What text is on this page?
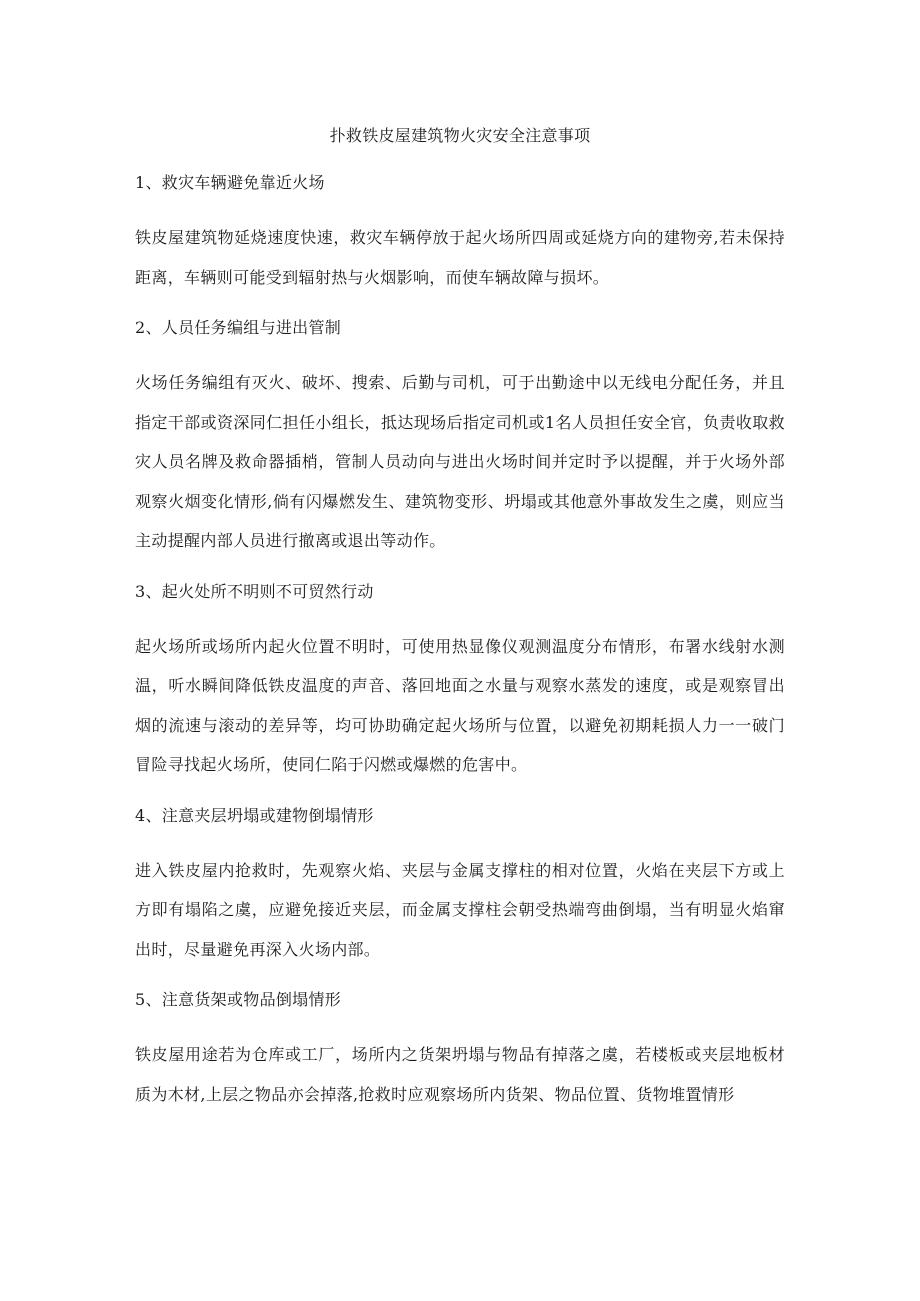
扑救铁皮屋建筑物火灾安全注意事项
1、救灾车辆避免靠近火场
铁皮屋建筑物延烧速度快速，救灾车辆停放于起火场所四周或延烧方向的建物旁,若未保持距离，车辆则可能受到辐射热与火烟影响，而使车辆故障与损坏。
2、人员任务编组与进出管制
火场任务编组有灭火、破坏、搜索、后勤与司机，可于出勤途中以无线电分配任务，并且指定干部或资深同仁担任小组长，抵达现场后指定司机或1名人员担任安全官，负责收取救灾人员名牌及救命器插梢，管制人员动向与进出火场时间并定时予以提醒，并于火场外部观察火烟变化情形,倘有闪爆燃发生、建筑物变形、坍塌或其他意外事故发生之虞，则应当主动提醒内部人员进行撤离或退出等动作。
3、起火处所不明则不可贸然行动
起火场所或场所内起火位置不明时，可使用热显像仪观测温度分布情形，布署水线射水测温，听水瞬间降低铁皮温度的声音、落回地面之水量与观察水蒸发的速度，或是观察冒出烟的流速与滚动的差异等，均可协助确定起火场所与位置，以避免初期耗损人力一一破门冒险寻找起火场所，使同仁陷于闪燃或爆燃的危害中。
4、注意夹层坍塌或建物倒塌情形
进入铁皮屋内抢救时，先观察火焰、夹层与金属支撑柱的相对位置，火焰在夹层下方或上方即有塌陷之虞，应避免接近夹层，而金属支撑柱会朝受热端弯曲倒塌，当有明显火焰窜出时，尽量避免再深入火场内部。
5、注意货架或物品倒塌情形
铁皮屋用途若为仓库或工厂，场所内之货架坍塌与物品有掉落之虞，若楼板或夹层地板材质为木材,上层之物品亦会掉落,抢救时应观察场所内货架、物品位置、货物堆置情形
